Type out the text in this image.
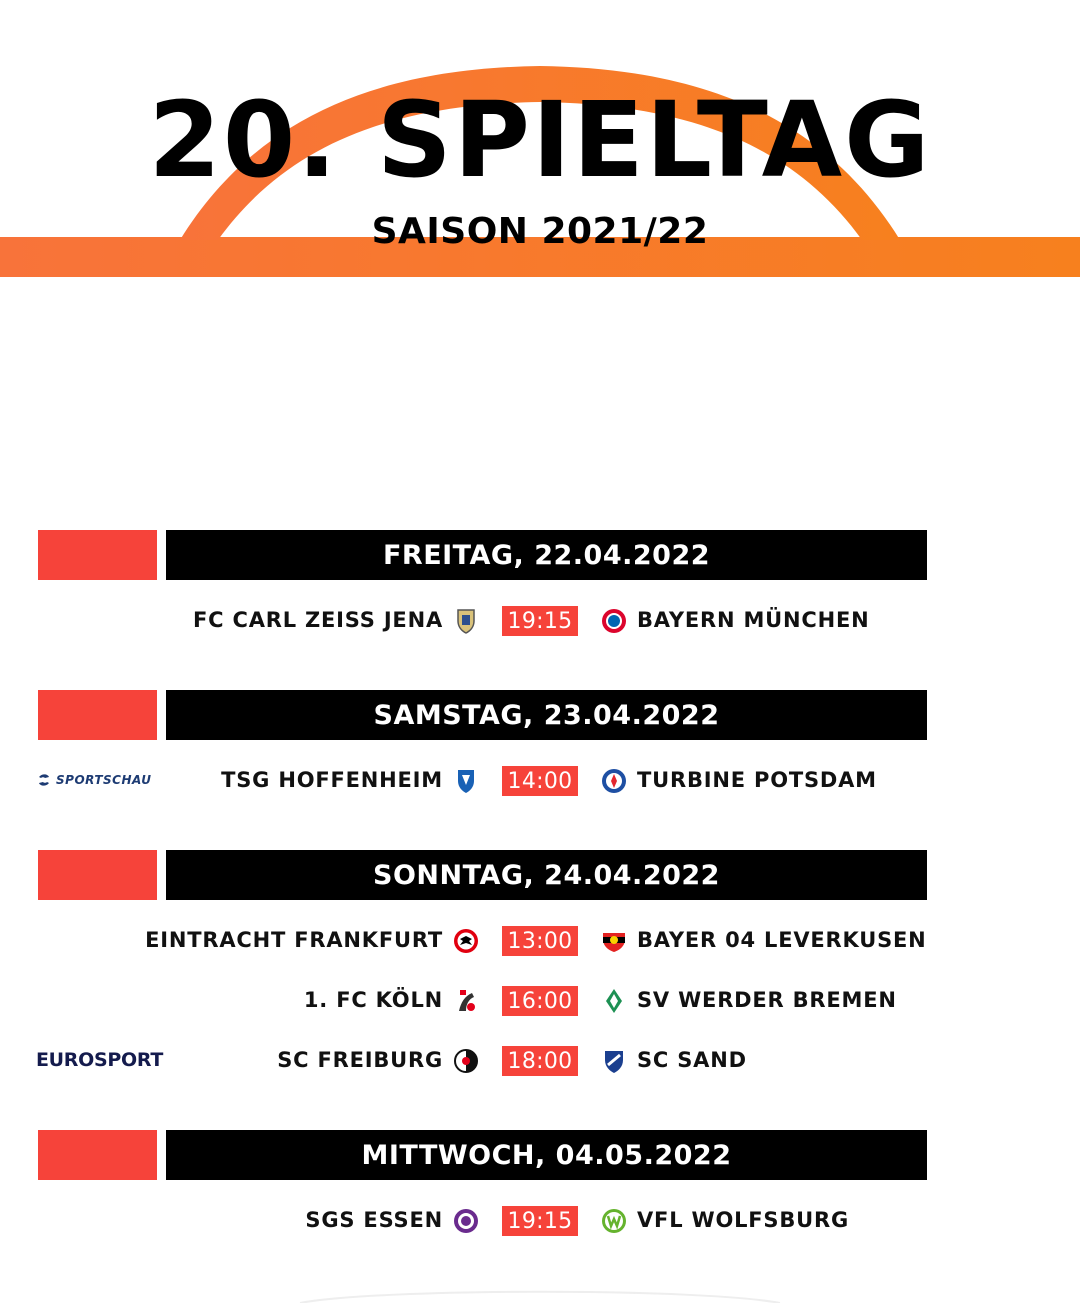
20. SPIELTAG
SAISON 2021/22
FREITAG, 22.04.2022
FC CARL ZEISS JENA	19:15	BAYERN MÜNCHEN
SAMSTAG, 23.04.2022
SPORTSCHAU	TSG HOFFENHEIM	14:00	TURBINE POTSDAM
SONNTAG, 24.04.2022
EINTRACHT FRANKFURT	13:00	BAYER 04 LEVERKUSEN
1. FC KÖLN	16:00	SV WERDER BREMEN
EUROSPORT	SC FREIBURG	18:00	SC SAND
MITTWOCH, 04.05.2022
SGS ESSEN	19:15	VFL WOLFSBURG
